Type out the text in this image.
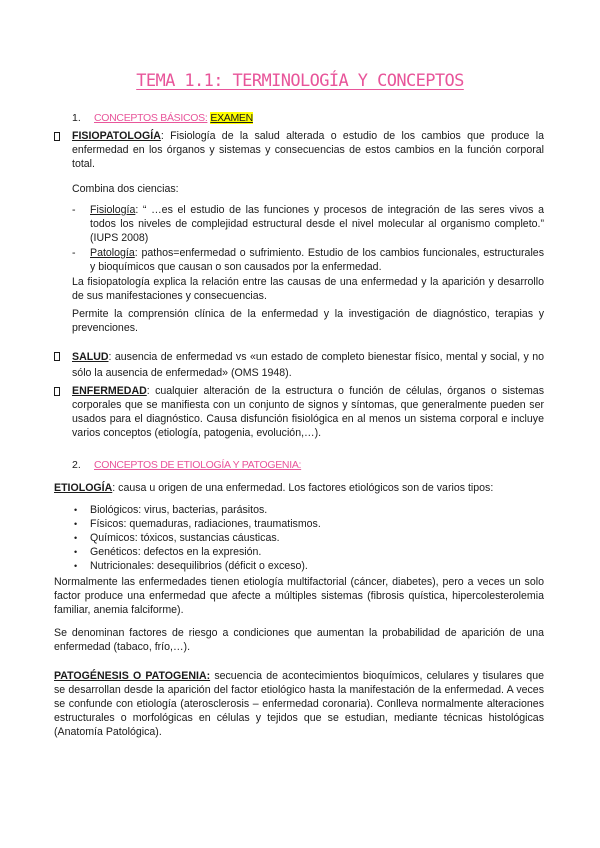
TEMA 1.1: TERMINOLOGÍA Y CONCEPTOS
1. CONCEPTOS BÁSICOS: EXAMEN

FISIOPATOLOGÍA: Fisiología de la salud alterada o estudio de los cambios que produce la enfermedad en los órganos y sistemas y consecuencias de estos cambios en la función corporal total.

Combina dos ciencias:

- Fisiología: “ …es el estudio de las funciones y procesos de integración de las seres vivos a todos los niveles de complejidad estructural desde el nivel molecular al organismo completo.” (IUPS 2008)
- Patología: pathos=enfermedad o sufrimiento. Estudio de los cambios funcionales, estructurales y bioquímicos que causan o son causados por la enfermedad.

La fisiopatología explica la relación entre las causas de una enfermedad y la aparición y desarrollo de sus manifestaciones y consecuencias.

Permite la comprensión clínica de la enfermedad y la investigación de diagnóstico, terapias y prevenciones.

SALUD: ausencia de enfermedad vs «un estado de completo bienestar físico, mental y social, y no sólo la ausencia de enfermedad» (OMS 1948).

ENFERMEDAD: cualquier alteración de la estructura o función de células, órganos o sistemas corporales que se manifiesta con un conjunto de signos y síntomas, que generalmente pueden ser usados para el diagnóstico. Causa disfunción fisiológica en al menos un sistema corporal e incluye varios conceptos (etiología, patogenia, evolución,…).

2. CONCEPTOS DE ETIOLOGÍA Y PATOGENIA:

ETIOLOGÍA: causa u origen de una enfermedad. Los factores etiológicos son de varios tipos:

• Biológicos: virus, bacterias, parásitos.
• Físicos: quemaduras, radiaciones, traumatismos.
• Químicos: tóxicos, sustancias cáusticas.
• Genéticos: defectos en la expresión.
• Nutricionales: desequilibrios (déficit o exceso).

Normalmente las enfermedades tienen etiología multifactorial (cáncer, diabetes), pero a veces un solo factor produce una enfermedad que afecte a múltiples sistemas (fibrosis quística, hipercolesterolemia familiar, anemia falciforme).

Se denominan factores de riesgo a condiciones que aumentan la probabilidad de aparición de una enfermedad (tabaco, frío,…).

PATOGÉNESIS O PATOGENIA: secuencia de acontecimientos bioquímicos, celulares y tisulares que se desarrollan desde la aparición del factor etiológico hasta la manifestación de la enfermedad. A veces se confunde con etiología (aterosclerosis – enfermedad coronaria). Conlleva normalmente alteraciones estructurales o morfológicas en células y tejidos que se estudian, mediante técnicas histológicas (Anatomía Patológica).
